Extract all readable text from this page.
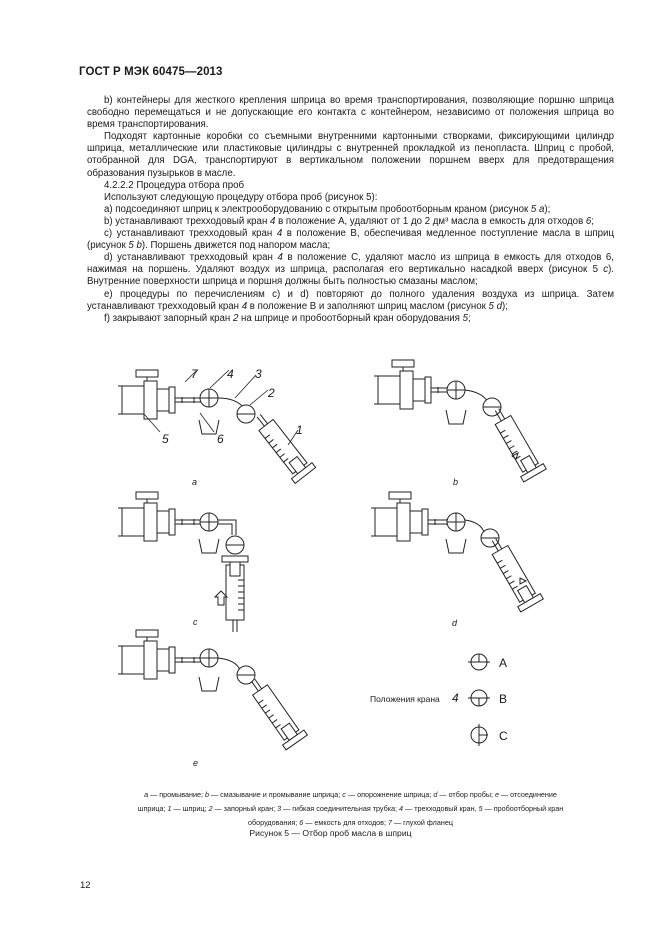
ГОСТ Р МЭК 60475—2013

b) контейнеры для жесткого крепления шприца во время транспортирования, позволяющие поршню шприца свободно перемещаться и не допускающие его контакта с контейнером, независимо от положения шприца во время транспортирования.

Подходят картонные коробки со съемными внутренними картонными створками, фиксирующими цилиндр шприца, металлические или пластиковые цилиндры с внутренней прокладкой из пенопласта. Шприц с пробой, отобранной для DGA, транспортируют в вертикальном положении поршнем вверх для предотвращения образования пузырьков в масле.

4.2.2.2 Процедура отбора проб

Используют следующую процедуру отбора проб (рисунок 5):

a) подсоединяют шприц к электрооборудованию с открытым пробоотборным краном (рисунок 5 a);

b) устанавливают трехходовый кран 4 в положение А, удаляют от 1 до 2 дм³ масла в емкость для отходов 6;

c) устанавливают трехходовый кран 4 в положение В, обеспечивая медленное поступление масла в шприц (рисунок 5 b). Поршень движется под напором масла;

d) устанавливают трехходовый кран 4 в положение С, удаляют масло из шприца в емкость для отходов 6, нажимая на поршень. Удаляют воздух из шприца, располагая его вертикально насадкой вверх (рисунок 5 c). Внутренние поверхности шприца и поршня должны быть полностью смазаны маслом;

e) процедуры по перечислениям c) и d) повторяют до полного удаления воздуха из шприца. Затем устанавливают трехходовый кран 4 в положение В и заполняют шприц маслом (рисунок 5 d);

f) закрывают запорный кран 2 на шприце и пробоотборный кран оборудования 5;

7 4 3
2
1
5	6
a	b
c	d
e
A
B
C
Положения крана 4
a — промывание; b — смазывание и промывание шприца; c — опорожнение шприца; d — отбор пробы; e — отсоединение
шприца; 1 — шприц; 2 — запорный кран; 3 — гибкая соединительная трубка; 4 — трехходовый кран, 5 — пробоотборный кран
оборудования; 6 — емкость для отходов; 7 — глухой фланец
Рисунок 5 — Отбор проб масла в шприц
12
